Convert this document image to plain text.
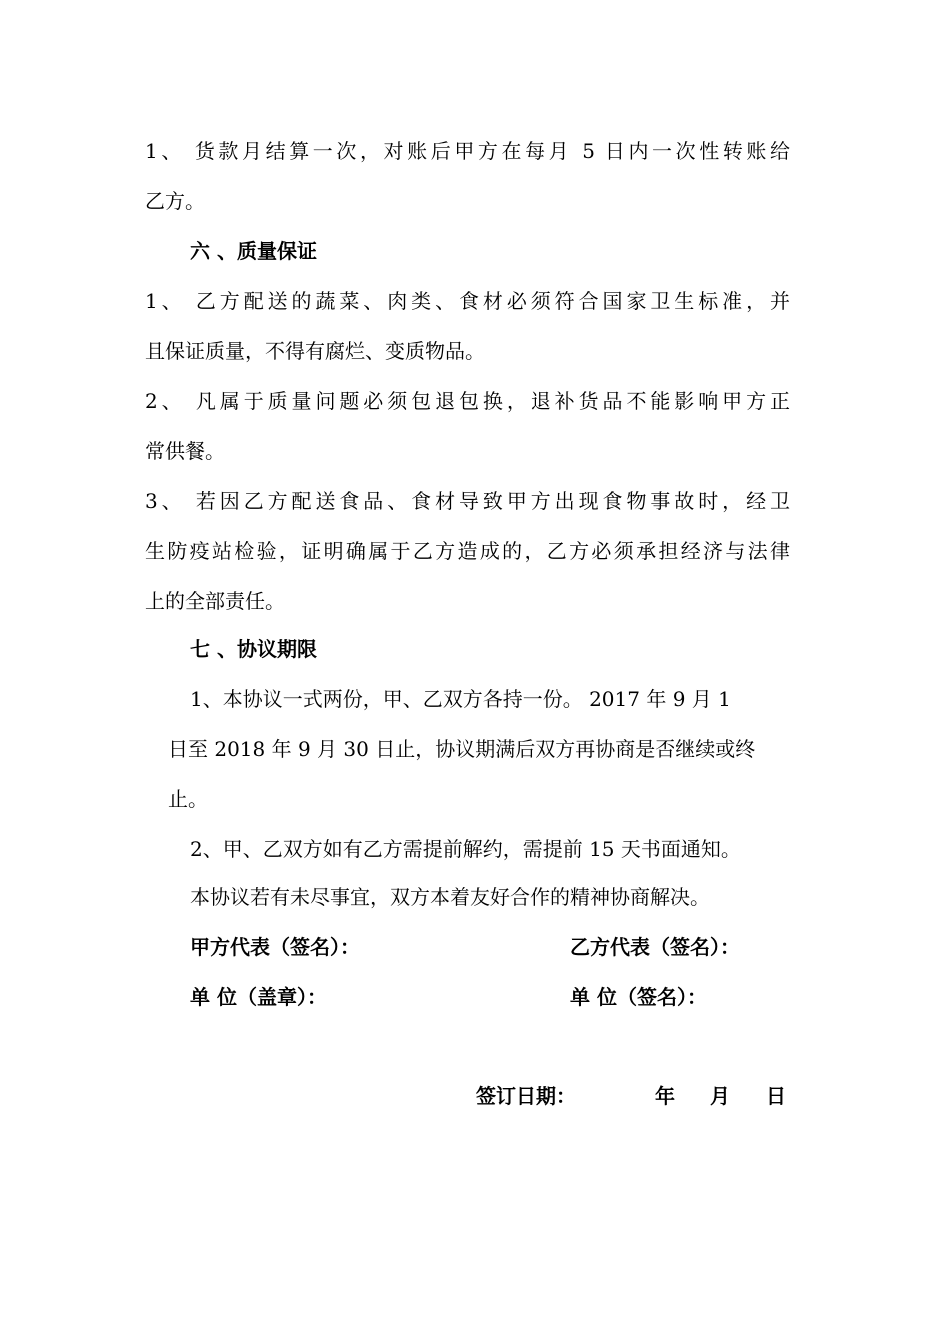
1、 货款月结算一次，对账后甲方在每月 5 日内一次性转账给
乙方。
六 、质量保证
1、 乙方配送的蔬菜、肉类、食材必须符合国家卫生标准，并
且保证质量，不得有腐烂、变质物品。
2、 凡属于质量问题必须包退包换，退补货品不能影响甲方正
常供餐。
3、 若因乙方配送食品、食材导致甲方出现食物事故时，经卫
生防疫站检验，证明确属于乙方造成的，乙方必须承担经济与法律
上的全部责任。
七 、协议期限
1、本协议一式两份，甲、乙双方各持一份。 2017 年 9 月 1
日至 2018 年 9 月 30 日止，协议期满后双方再协商是否继续或终
止。
2、甲、乙双方如有乙方需提前解约，需提前 15 天书面通知。
本协议若有未尽事宜，双方本着友好合作的精神协商解决。
甲方代表（签名）：	乙方代表（签名）：
单 位（盖章）：	单 位（签名）：
签订日期：	年 月 日
